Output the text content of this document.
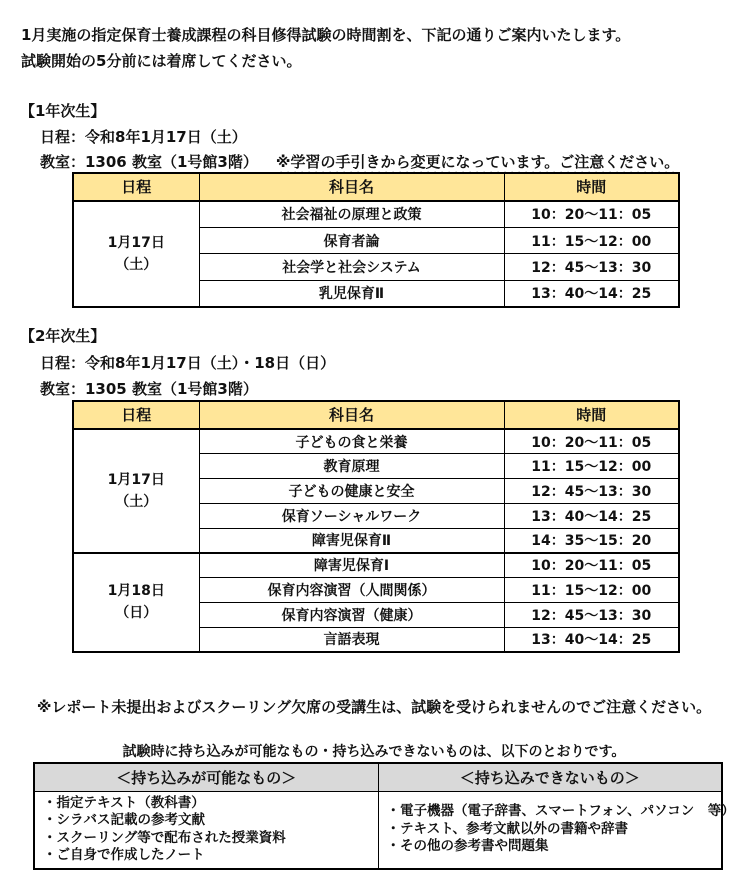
1月実施の指定保育士養成課程の科目修得試験の時間割を、下記の通りご案内いたします。
試験開始の5分前には着席してください。
【1年次生】
日程：令和8年1月17日（土）
教室：1306 教室（1号館3階） ※学習の手引きから変更になっています。ご注意ください。
日程	科目名	時間

1月17日
（土）	社会福祉の原理と政策	10：20～11：05
	保育者論	11：15～12：00
	社会学と社会システム	12：45～13：30
	乳児保育Ⅱ	13：40～14：25
【2年次生】
日程：令和8年1月17日（土）・18日（日）
教室：1305 教室（1号館3階）
日程	科目名	時間

1月17日
（土）	子どもの食と栄養	10：20～11：05
	教育原理	11：15～12：00
	子どもの健康と安全	12：45～13：30
	保育ソーシャルワーク	13：40～14：25
	障害児保育Ⅱ	14：35～15：20

1月18日
（日）	障害児保育Ⅰ	10：20～11：05
	保育内容演習（人間関係）	11：15～12：00
	保育内容演習（健康）	12：45～13：30
	言語表現	13：40～14：25
※レポート未提出およびスクーリング欠席の受講生は、試験を受けられませんのでご注意ください。
試験時に持ち込みが可能なもの・持ち込みできないものは、以下のとおりです。
＜持ち込みが可能なもの＞	＜持ち込みできないもの＞

・指定テキスト（教科書）
・シラバス記載の参考文献
・スクーリング等で配布された授業資料
・ご自身で作成したノート

・電子機器（電子辞書、スマートフォン、パソコン　等）
・テキスト、参考文献以外の書籍や辞書
・その他の参考書や問題集
